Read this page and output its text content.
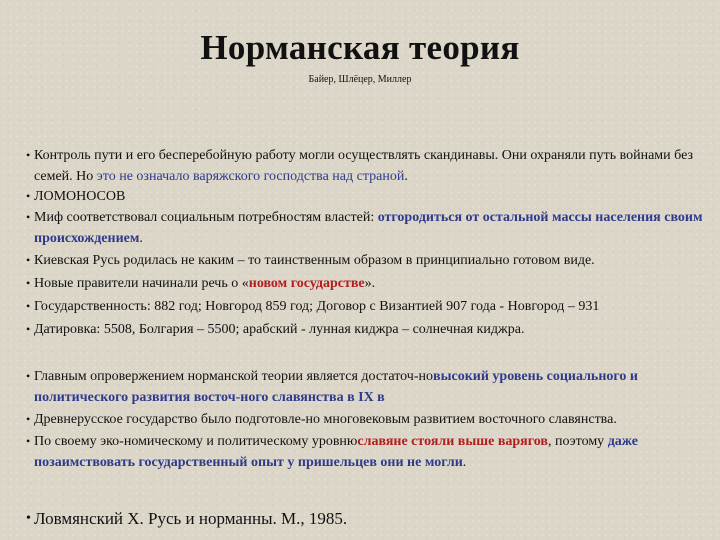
Норманская теория
Байер, Шлёцер, Миллер
• Контроль пути и его бесперебойную работу могли осуществлять скандинавы. Они охраняли путь войнами без семей. Но это не означало варяжского господства над страной.
• ЛОМОНОСОВ
• Миф соответствовал социальным потребностям властей: отгородиться от остальной массы населения своим происхождением.
• Киевская Русь родилась не каким – то таинственным образом в принципиально готовом виде.
• Новые правители начинали речь о «новом государстве».
• Государственность: 882 год; Новгород 859 год; Договор с Византией 907 года - Новгород – 931
• Датировка: 5508, Болгария – 5500; арабский - лунная киджра – солнечная киджра.
• Главным опровержением норманской теории является достаточ-новысокий уровень социального и политического развития восточ-ного славянства в IX в
• Древнерусское государство было подготовле-но многовековым развитием восточного славянства.
• По своему эко-номическому и политическому уровнюславяне стояли выше варягов, поэтому даже позаимствовать государственный опыт у пришельцев они не могли.
• Ловмянский Х. Русь и норманны. М., 1985.
